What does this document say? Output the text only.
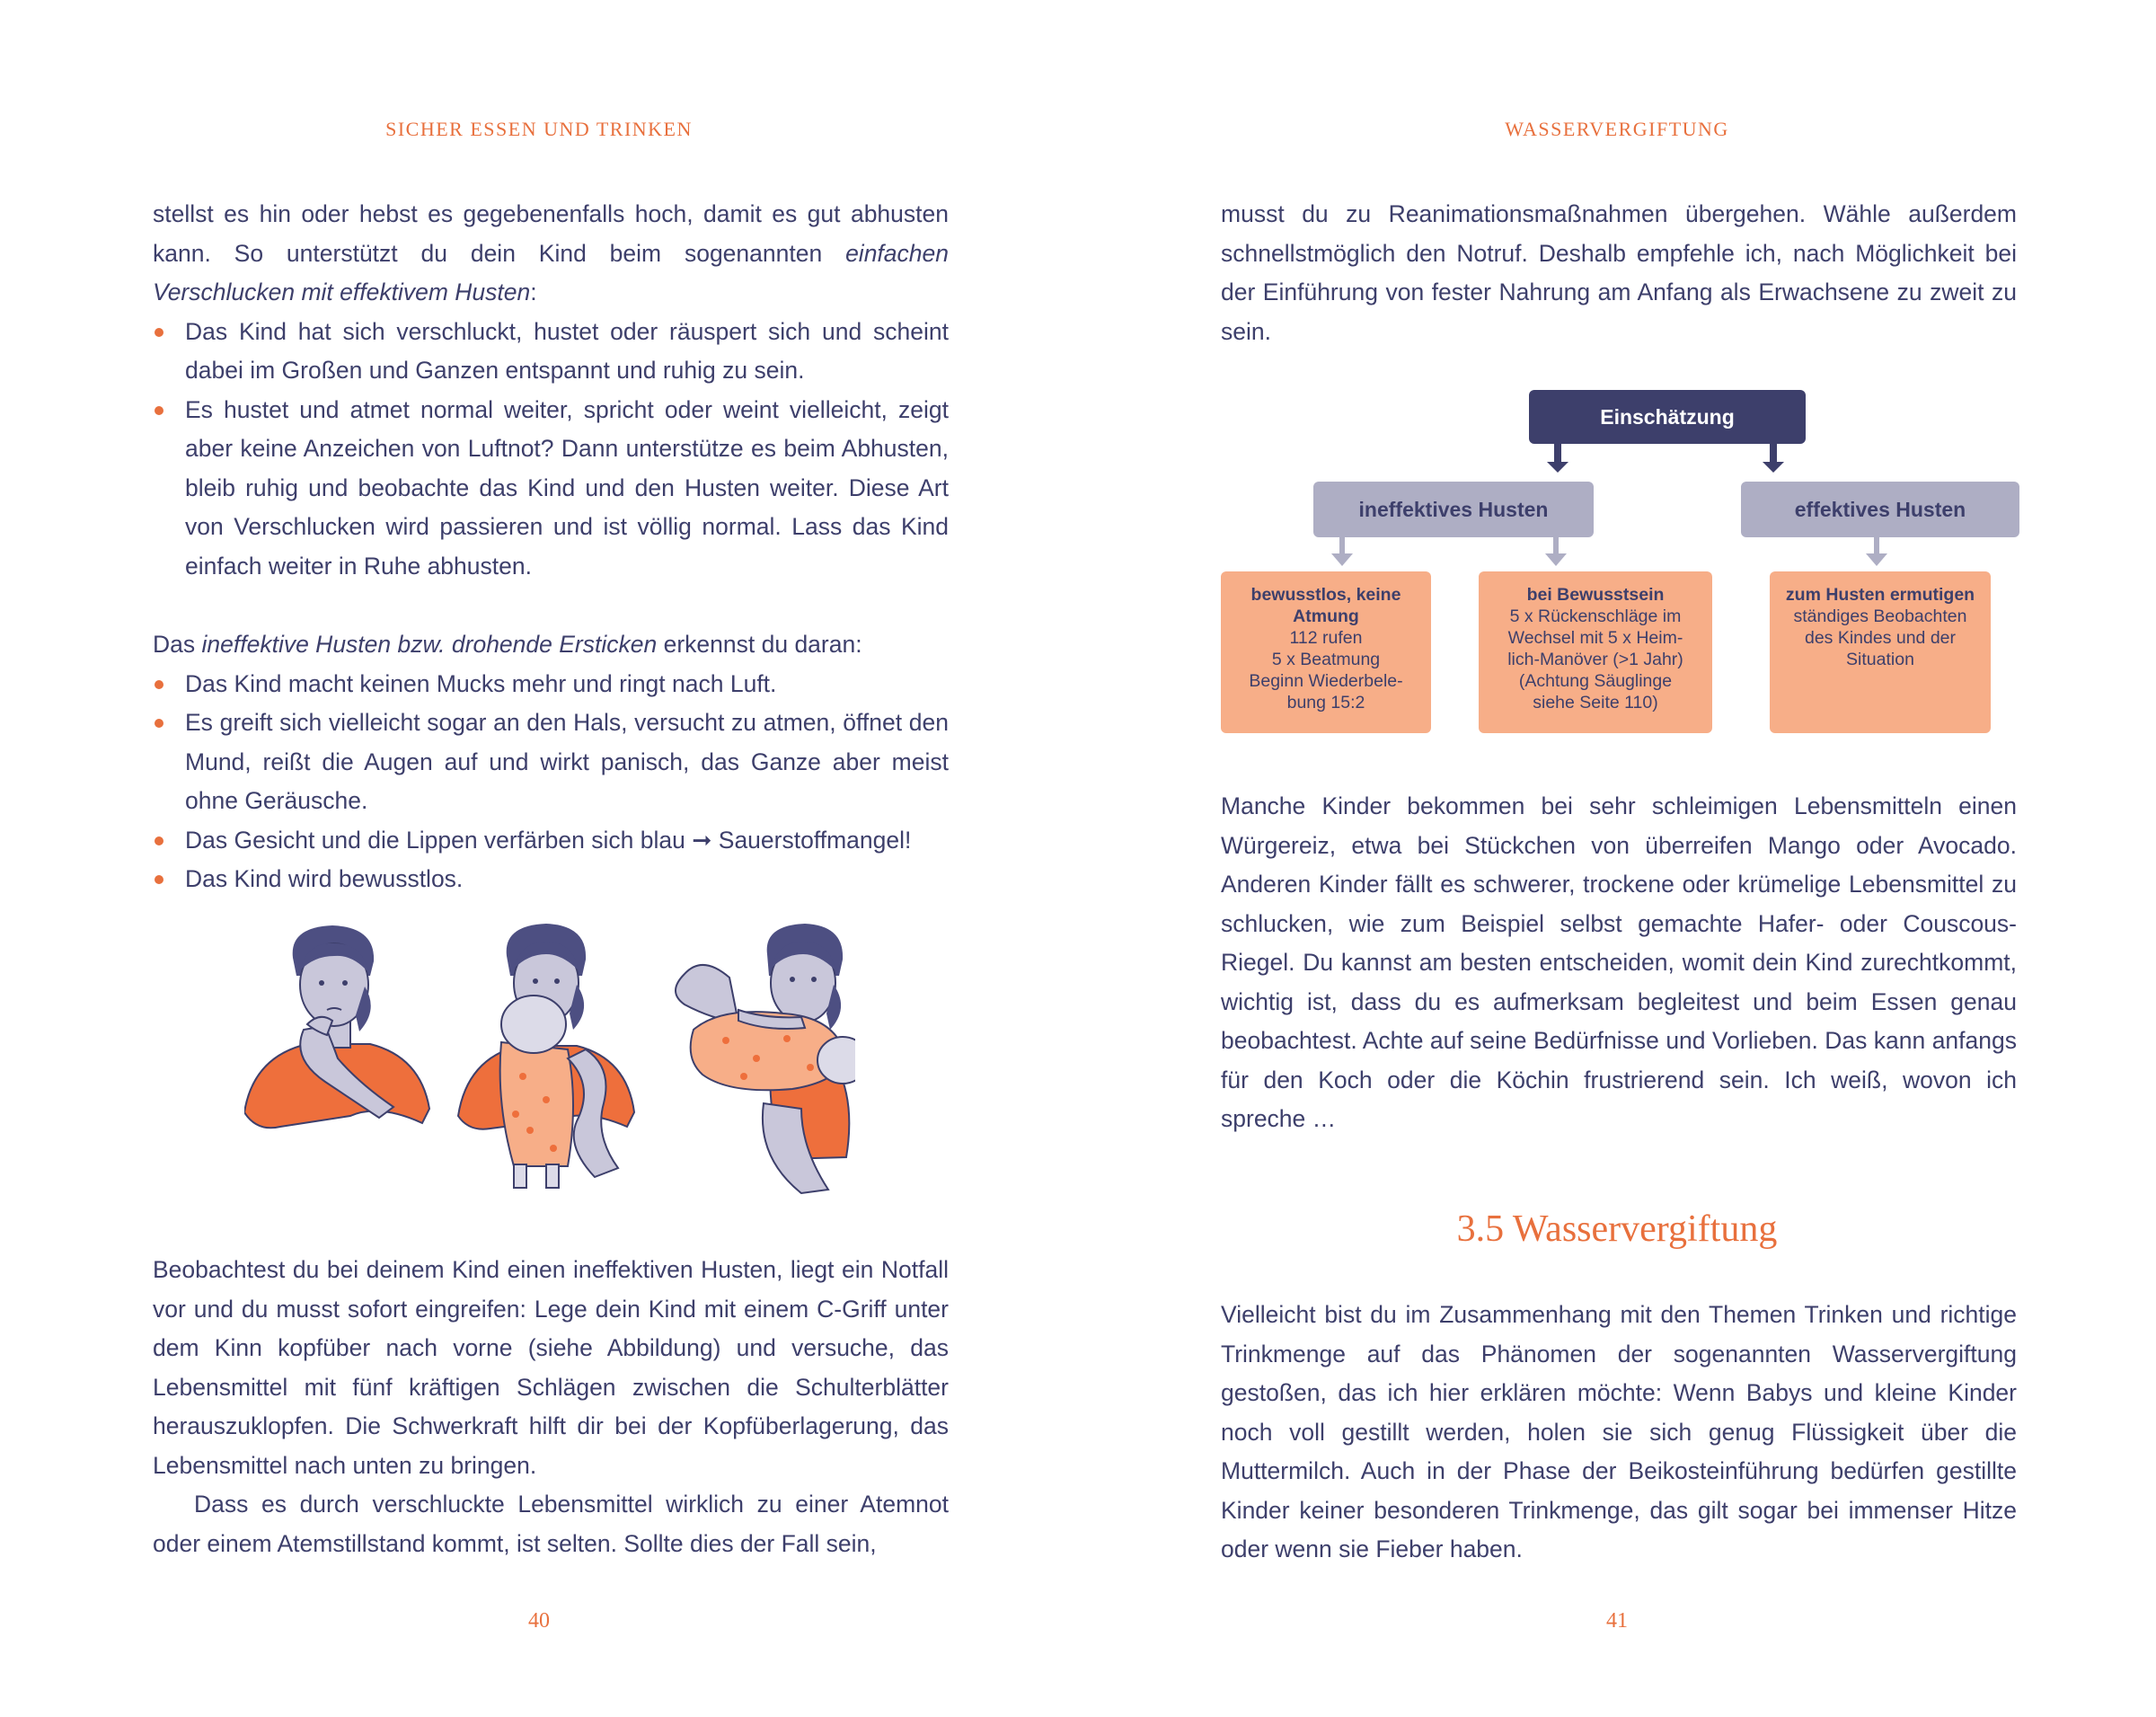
SICHER ESSEN UND TRINKEN

stellst es hin oder hebst es gegebenenfalls hoch, damit es gut abhusten kann. So unterstützt du dein Kind beim sogenannten einfachen Verschlucken mit effektivem Husten:

Das Kind hat sich verschluckt, hustet oder räuspert sich und scheint dabei im Großen und Ganzen entspannt und ruhig zu sein.
Es hustet und atmet normal weiter, spricht oder weint vielleicht, zeigt aber keine Anzeichen von Luftnot? Dann unterstütze es beim Abhusten, bleib ruhig und beobachte das Kind und den Husten weiter. Diese Art von Verschlucken wird passieren und ist völlig normal. Lass das Kind einfach weiter in Ruhe abhusten.

Das ineffektive Husten bzw. drohende Ersticken erkennst du daran:

Das Kind macht keinen Mucks mehr und ringt nach Luft.
Es greift sich vielleicht sogar an den Hals, versucht zu atmen, öffnet den Mund, reißt die Augen auf und wirkt panisch, das Ganze aber meist ohne Geräusche.
Das Gesicht und die Lippen verfärben sich blau ➞ Sauerstoffmangel!
Das Kind wird bewusstlos.

Beobachtest du bei deinem Kind einen ineffektiven Husten, liegt ein Notfall vor und du musst sofort eingreifen: Lege dein Kind mit einem C-Griff unter dem Kinn kopfüber nach vorne (siehe Abbildung) und versuche, das Lebensmittel mit fünf kräftigen Schlägen zwischen die Schulterblätter herauszuklopfen. Die Schwerkraft hilft dir bei der Kopfüberlagerung, das Lebensmittel nach unten zu bringen.

Dass es durch verschluckte Lebensmittel wirklich zu einer Atemnot oder einem Atemstillstand kommt, ist selten. Sollte dies der Fall sein,

40
WASSERVERGIFTUNG

musst du zu Reanimationsmaßnahmen übergehen. Wähle außerdem schnellstmöglich den Notruf. Deshalb empfehle ich, nach Möglichkeit bei der Einführung von fester Nahrung am Anfang als Erwachsene zu zweit zu sein.

Einschätzung
ineffektives Husten	effektives Husten
bewusstlos, keine Atmung
112 rufen
5 x Beatmung
Beginn Wiederbele-
bung 15:2
bei Bewusstsein
5 x Rückenschläge im
Wechsel mit 5 x Heim-
lich-Manöver (>1 Jahr)
(Achtung Säuglinge
siehe Seite 110)
zum Husten ermutigen
ständiges Beobachten
des Kindes und der
Situation

Manche Kinder bekommen bei sehr schleimigen Lebensmitteln einen Würgereiz, etwa bei Stückchen von überreifen Mango oder Avocado. Anderen Kinder fällt es schwerer, trockene oder krümelige Lebensmittel zu schlucken, wie zum Beispiel selbst gemachte Hafer- oder Couscous-Riegel. Du kannst am besten entscheiden, womit dein Kind zurechtkommt, wichtig ist, dass du es aufmerksam begleitest und beim Essen genau beobachtest. Achte auf seine Bedürfnisse und Vorlieben. Das kann anfangs für den Koch oder die Köchin frustrierend sein. Ich weiß, wovon ich spreche …

3.5 Wasservergiftung

Vielleicht bist du im Zusammenhang mit den Themen Trinken und richtige Trinkmenge auf das Phänomen der sogenannten Wasservergiftung gestoßen, das ich hier erklären möchte: Wenn Babys und kleine Kinder noch voll gestillt werden, holen sie sich genug Flüssigkeit über die Muttermilch. Auch in der Phase der Beikosteinführung bedürfen gestillte Kinder keiner besonderen Trinkmenge, das gilt sogar bei immenser Hitze oder wenn sie Fieber haben.

41
